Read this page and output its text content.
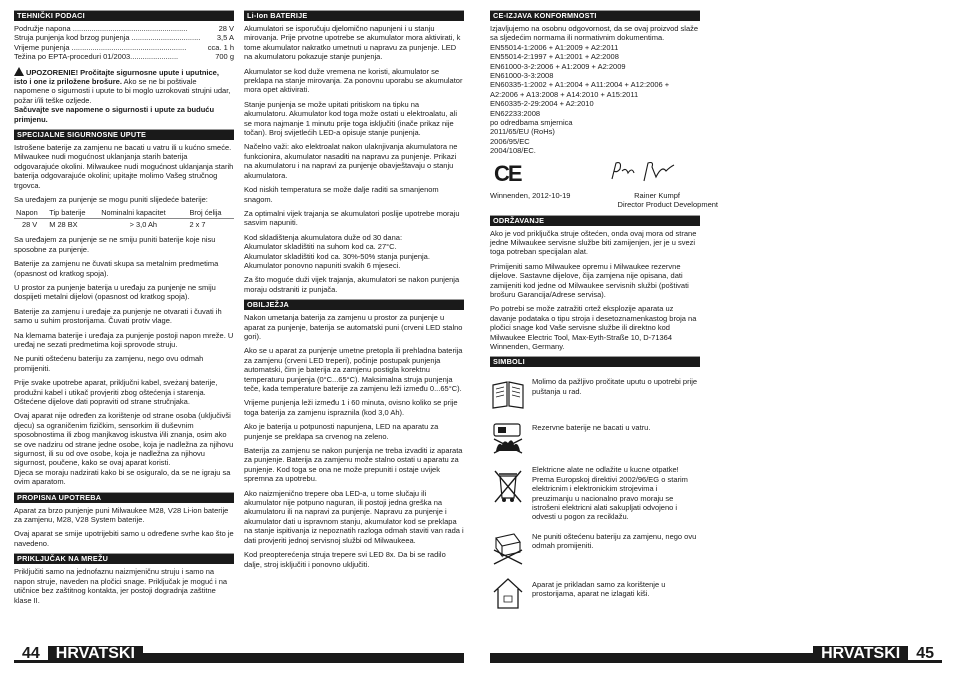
TEHNIČKI PODACI
Podružje napona .......................................................	28 V
Struja punjenja kod brzog punjenja ................................. 3,5 A
Vrijeme punjenja .......................................................	cca. 1 h
Težina po EPTA-proceduri 01/2003.......................	700 g
UPOZORENIE! Pročitajte sigurnosne upute i uputnice, isto i one iz priložene brošure. Ako se ne bi poštivale napomene o sigurnosti i upute to bi moglo uzrokovati strujni udar, požar i/ili teške ozljede.
Sačuvajte sve napomene o sigurnosti i upute za buduću primjenu.
SPECIJALNE SIGURNOSNE UPUTE
Istrošene baterije za zamjenu ne bacati u vatru ili u kućno smeće. Milwaukee nudi mogućnost uklanjanja starih baterija odgovarajuće okolini. Milwaukee nudi mogućnost uklanjanja starih baterija odgovarajuće okolini; upitajte molimo Vašeg stručnog trgovca.
Sa uređajem za punjenje se mogu puniti slijedeće baterije:
Napon	Tip baterije	Nominalni kapacitet	Broj ćelija
28 V	M 28 BX	> 3,0 Ah	2 x 7
Sa uređajem za punjenje se ne smiju puniti baterije koje nisu sposobne za punjenje.
Baterije za zamjenu ne čuvati skupa sa metalnim predmetima (opasnost od kratkog spoja).
U prostor za punjenje baterija u uređaju za punjenje ne smiju dospijeti metalni dijelovi (opasnost od kratkog spoja).
Baterije za zamjenu i uređaje za punjenje ne otvarati i čuvati ih samo u suhim prostorijama. Čuvati protiv vlage.
Na klemama baterije i uređaja za punjenje postoji napon mreže. U uređaj ne sezati predmetima koji sprovode struju.
Ne puniti oštećenu bateriju za zamjenu, nego ovu odmah promijeniti.
Prije svake upotrebe aparat, priključni kabel, sveżanj baterije, produžni kabel i utikač provjeriti zbog oštećenja i starenja. Oštećene dijelove dati popraviti od strane stručnjaka.
Ovaj aparat nije određen za korištenje od strane osoba (uključivši djecu) sa ograničenim fizičkim, sensorkim ili duševnim sposobnostima ili zbog manjkavog iskustva i/ili znanja, osim ako se ove nadziru od strane jedne osobe, koja je nadležna za njihovu sigurnost, ili su od ove osobe, koja je nadležna za njihovu sigurnost, poučene, kako se ovaj aparat koristi.
Djeca se moraju nadzirati kako bi se osiguralo, da se ne igraju sa ovim aparatom.
PROPISNA UPOTREBA
Aparat za brzo punjenje puni Milwaukee M28, V28 Li-ion baterije za zamjenu, M28, V28 System baterije.
Ovaj aparat se smije upotrijebiti samo u određene svrhe kao što je navedeno.
PRIKLJUČAK NA MREŽU
Priključiti samo na jednofaznu naizmjeničnu struju i samo na napon struje, naveden na pločici snage. Priključak je moguć i na utičnice bez zaštitnog kontakta, jer postoji dogradnja zaštitne klase II.
Li-Ion BATERIJE
Akumulatori se isporučuju djelomično napunjeni i u stanju mirovanja. Prije prvotne upotrebe se akumulator mora aktivirati, k tome akumulator nakratko umetnuti u napravu za punjenje. LED na akumulatoru pokazuje stanje punjenja.
Akumulator se kod duže vremena ne koristi, akumulator se preklapa na stanje mirovanja. Za ponovnu uporabu se akumulator mora opet aktivirati.
Stanje punjenja se može upitati pritiskom na tipku na akumulatoru. Akumulator kod toga može ostati u elektroalatu, ali se mora najmanje 1 minutu prije toga isključiti (inače prikaz nije točan). Broj svijetlećih LED-a opisuje stanje punjenja.
Načelno važi: ako elektroalat nakon ulaknjivanja akumulatora ne funkcionira, akumulator nasaditi na napravu za punjenje. Prikazi na akumulatoru i na napravi za punjenje obavještavaju o stanju akumulatora.
Kod niskih temperatura se može dalje raditi sa smanjenom snagom.
Za optimalni vijek trajanja se akumulatori poslije upotrebe moraju sasvim napuniti.
Kod skladištenja akumulatora duže od 30 dana:
Akumulator skladištiti na suhom kod ca. 27°C.
Akumulator skladištiti kod ca. 30%-50% stanja punjenja.
Akumulator ponovno napuniti svakih 6 mjeseci.
Za što moguće duži vijek trajanja, akumulatori se nakon punjenja moraju odstraniti iz punjača.
OBILJEŽJA
Nakon umetanja baterija za zamjenu u prostor za punjenje u aparat za punjenje, baterija se automatski puni (crveni LED stalno gori).
Ako se u aparat za punjenje umetne pretopla ili prehladna baterija za zamjenu (crveni LED treperi), počinje postupak punjenja automatski, čim je baterija za zamjenu postigla korektnu temperaturu punjenja (0°C...65°C). Maksimalna struja punjenja teče, kada temperature baterije za zamjenu leži između 0...65°C).
Vrijeme punjenja leži između 1 i 60 minuta, ovisno koliko se prije toga baterija za zamjenu ispraznila (kod 3,0 Ah).
Ako je baterija u potpunosti napunjena, LED na aparatu za punjenje se preklapa sa crvenog na zeleno.
Baterija za zamjenu se nakon punjenja ne treba izvaditi iz aparata za punjenje. Baterija za zamjenu može stalno ostati u aparatu za punjenje. Kod toga se ona ne može prepuniti i ostaje uvijek spremna za upotrebu.
Ako naizmjenično trepere oba LED-a, u tome slučaju ili akumulator nije potpuno naguran, ili postoji jedna greška na akumulatoru ili na napravi za punjenje. Napravu za punjenje i akumulator dati u ispravnom stanju, akumulator kod se preklapa na stanje ispitivanja iz nepoznatih razloga odmah staviti van rada i dati provjeriti jednoj servisnoj službi od Milwaukeea.
Kod preopterećenja struja trepere svi LED 8x. Da bi se radilo dalje, stroj isključiti i ponovno uključiti.
CE-IZJAVA KONFORMNOSTI
Izjavljujemo na osobnu odgovornost, da se ovaj proizvod slaže sa sljedećim normama ili normativnim dokumentima.
EN55014-1:2006 + A1:2009 + A2:2011
EN55014-2:1997 + A1:2001 + A2:2008
EN61000-3-2:2006 + A1:2009 + A2:2009
EN61000-3-3:2008
EN60335-1:2002 + A1:2004 + A11:2004 + A12:2006 +
A2:2006 + A13:2008 + A14:2010 + A15:2011
EN60335-2-29:2004 + A2:2010
EN62233:2008
po odredbama smjernica
2011/65/EU (RoHs)
2006/95/EC
2004/108/EC.
CE
Winnenden, 2012-10-19	Rainer Kumpf
Director Product Development
ODRŽAVANJE
Ako je vod priključka struje oštećen, onda ovaj mora od strane jedne Milwaukee servisne službe biti zamijenjen, jer je u svezi toga potreban specijalan alat.
Primijeniti samo Milwaukee opremu i Milwaukee rezervne dijelove. Sastavne dijelove, čija zamjena nije opisana, dati zamijeniti kod jedne od Milwaukee servisnih službi (poštivati brošuru Garancija/Adrese servisa).
Po potrebi se može zatražiti crtež eksplozije aparata uz davanje podataka o tipu stroja i desetoznamenkastog broja na pločici snage kod Vaše servisne službe ili direktno kod Milwaukee Electric Tool, Max-Eyth-Straße 10, D-71364 Winnenden, Germany.
SIMBOLI
Molimo da pažljivo pročitate uputu o upotrebi prije puštanja u rad.
Rezervne baterije ne bacati u vatru.
Elektricne alate ne odlažite u kucne otpatke! Prema Europskoj direktivi 2002/96/EG o starim elektricnim i elektronickim strojevima i preuzimanju u nacionalno pravo moraju se istrošeni elektricni alati sakupljati odvojeno i odvesti u pogon za reciklažu.
Ne puniti oštećenu bateriju za zamjenu, nego ovu odmah promijeniti.
Aparat je prikladan samo za korištenje u prostorijama, aparat ne izlagati kiši.
44	HRVATSKI	HRVATSKI	45
